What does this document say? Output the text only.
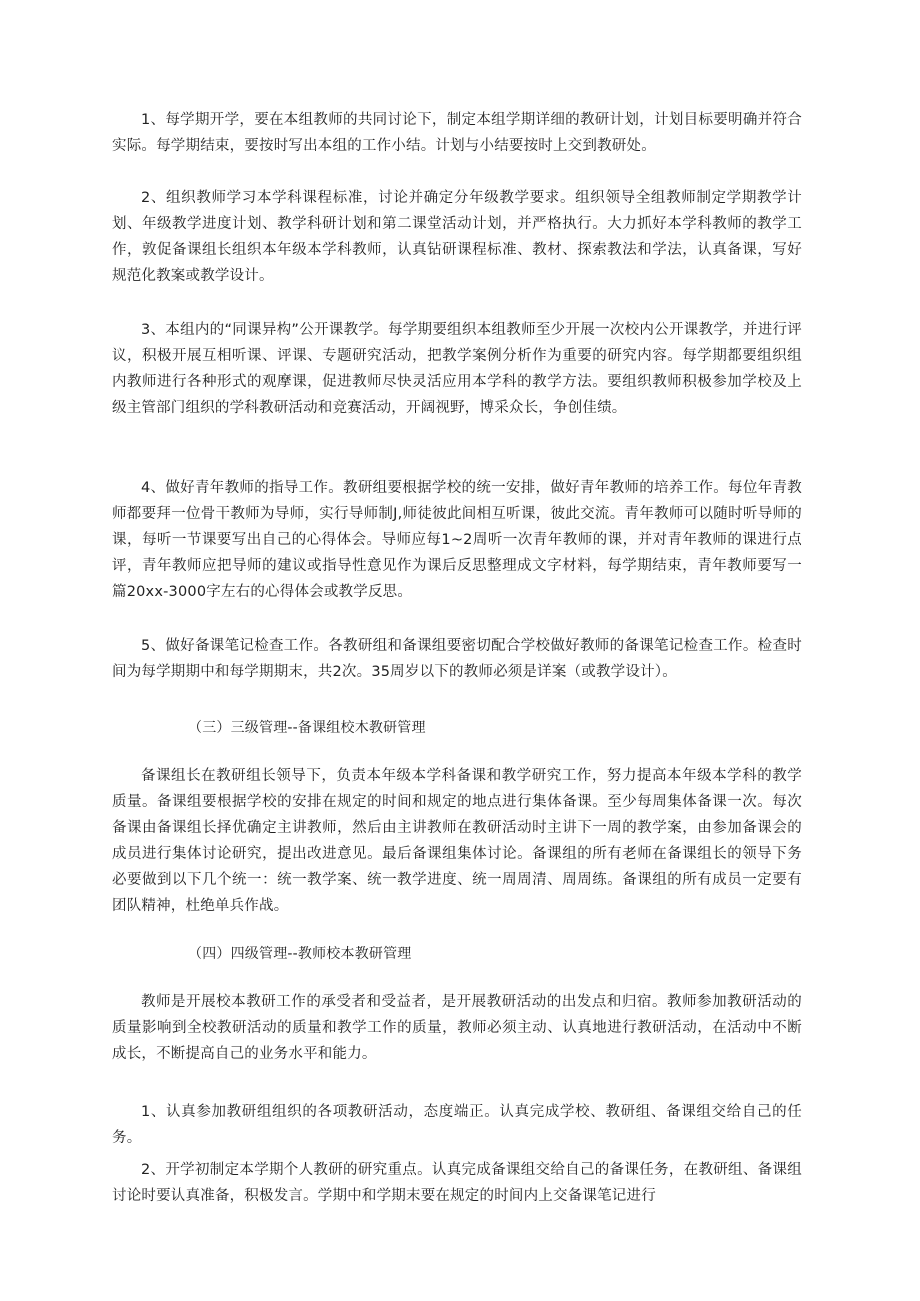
1、每学期开学，要在本组教师的共同讨论下，制定本组学期详细的教研计划，计划目标要明确并符合实际。每学期结束，要按时写出本组的工作小结。计划与小结要按时上交到教研处。

2、组织教师学习本学科课程标准，讨论并确定分年级教学要求。组织领导全组教师制定学期教学计划、年级教学进度计划、教学科研计划和第二课堂活动计划，并严格执行。大力抓好本学科教师的教学工作，敦促备课组长组织本年级本学科教师，认真钻研课程标准、教材、探索教法和学法，认真备课，写好规范化教案或教学设计。

3、本组内的“同课异构”公开课教学。每学期要组织本组教师至少开展一次校内公开课教学，并进行评议，积极开展互相听课、评课、专题研究活动，把教学案例分析作为重要的研究内容。每学期都要组织组内教师进行各种形式的观摩课，促进教师尽快灵活应用本学科的教学方法。要组织教师积极参加学校及上级主管部门组织的学科教研活动和竞赛活动，开阔视野，博采众长，争创佳绩。

4、做好青年教师的指导工作。教研组要根据学校的统一安排，做好青年教师的培养工作。每位年青教师都要拜一位骨干教师为导师，实行导师制J,师徒彼此间相互听课，彼此交流。青年教师可以随时听导师的课，每听一节课要写出自己的心得体会。导师应每1~2周听一次青年教师的课，并对青年教师的课进行点评，青年教师应把导师的建议或指导性意见作为课后反思整理成文字材料，每学期结束，青年教师要写一篇20xx-3000字左右的心得体会或教学反思。

5、做好备课笔记检查工作。各教研组和备课组要密切配合学校做好教师的备课笔记检查工作。检查时间为每学期期中和每学期期末，共2次。35周岁以下的教师必须是详案（或教学设计）。

（三）三级管理--备课组校木教研管理

备课组长在教研组长领导下，负责本年级本学科备课和教学研究工作，努力提高本年级本学科的教学质量。备课组要根据学校的安排在规定的时间和规定的地点进行集体备课。至少每周集体备课一次。每次备课由备课组长择优确定主讲教师，然后由主讲教师在教研活动时主讲下一周的教学案，由参加备课会的成员进行集体讨论研究，提出改进意见。最后备课组集体讨论。备课组的所有老师在备课组长的领导下务必要做到以下几个统一：统一教学案、统一教学进度、统一周周清、周周练。备课组的所有成员一定要有团队精神，杜绝单兵作战。

（四）四级管理--教师校本教研管理

教师是开展校本教研工作的承受者和受益者，是开展教研活动的出发点和归宿。教师参加教研活动的质量影响到全校教研活动的质量和教学工作的质量，教师必须主动、认真地进行教研活动，在活动中不断成长，不断提高自己的业务水平和能力。

1、认真参加教研组组织的各项教研活动，态度端正。认真完成学校、教研组、备课组交给自己的任务。

2、开学初制定本学期个人教研的研究重点。认真完成备课组交给自己的备课任务，在教研组、备课组讨论时要认真准备，积极发言。学期中和学期末要在规定的时间内上交备课笔记进行
